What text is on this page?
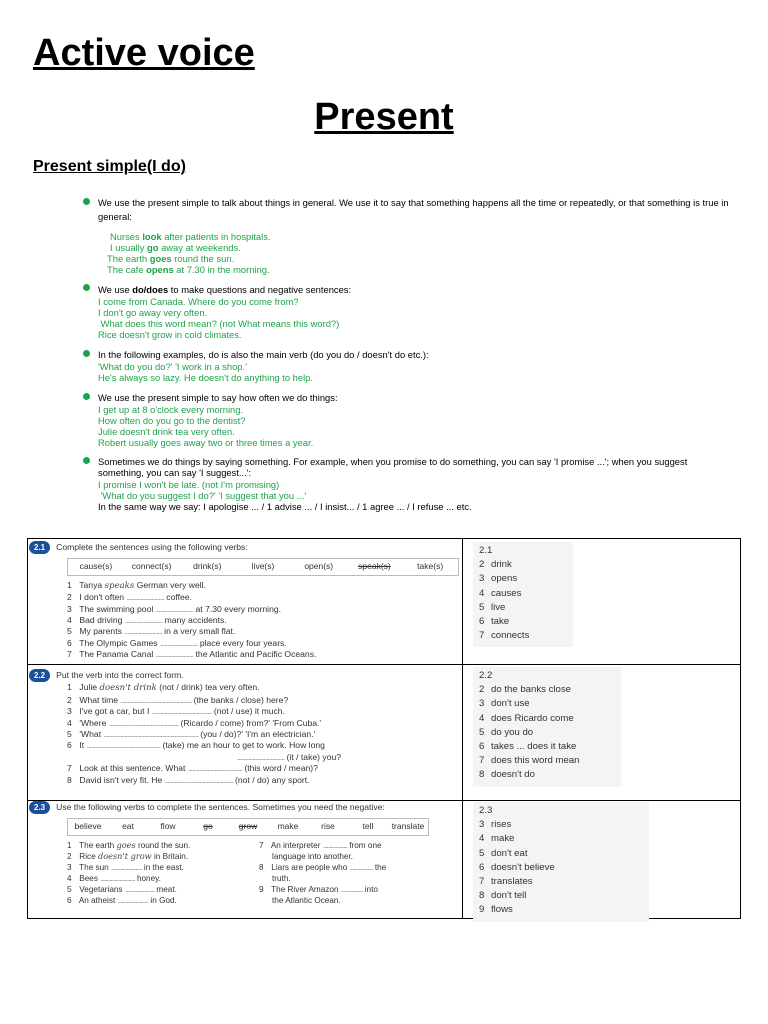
Active voice
Present
Present simple(I do)
We use the present simple to talk about things in general. We use it to say that something happens all the time or repeatedly, or that something is true in general:
Nurses look after patients in hospitals.
I usually go away at weekends.
The earth goes round the sun.
The cafe opens at 7.30 in the morning.
We use do/does to make questions and negative sentences:
I come from Canada. Where do you come from?
I don't go away very often.
What does this word mean? (not What means this word?)
Rice doesn't grow in cold climates.
In the following examples, do is also the main verb (do you do / doesn't do etc.):
'What do you do?' 'I work in a shop.'
He's always so lazy. He doesn't do anything to help.
We use the present simple to say how often we do things:
I get up at 8 o'clock every morning.
How often do you go to the dentist?
Julie doesn't drink tea very often.
Robert usually goes away two or three times a year.
Sometimes we do things by saying something. For example, when you promise to do something, you can say 'I promise ...'; when you suggest
something, you can say 'I suggest...':
I promise I won't be late. (not I'm promising)
'What do you suggest I do?' 'I suggest that you ...'
In the same way we say: I apologise ... / 1 advise ... / I insist... / 1 agree ... / I refuse ... etc.
2.1 Complete the sentences using the following verbs:
cause(s)	connect(s)	drink(s)	live(s)	open(s)	speak(s)	take(s)
1 Tanya speaks German very well.
2 I don't often ........................... coffee.
3 The swimming pool ........................... at 7.30 every morning.
4 Bad driving ........................... many accidents.
5 My parents ........................... in a very small flat.
6 The Olympic Games ........................... place every four years.
7 The Panama Canal ........................... the Atlantic and Pacific Oceans.
2.2 Put the verb into the correct form.
1 Julie doesn't drink (not / drink) tea very often.
2 What time ................................................... (the banks / close) here?
3 I've got a car, but I ........................................... (not / use) it much.
4 'Where .................................................. (Ricardo / come) from?' 'From Cuba.'
5 'What .................................................................... (you / do)?' 'I'm an electrician.'
6 It ..................................................... (take) me an hour to get to work. How long
.................................. (it / take) you?
7 Look at this sentence. What ....................................... (this word / mean)?
8 David isn't very fit. He ................................................. (not / do) any sport.
2.3 Use the following verbs to complete the sentences. Sometimes you need the negative:
believe	eat	flow	go	grow	make	rise	tell	translate
1 The earth goes round the sun.
2 Rice doesn't grow in Britain.
3 The sun ........................ in the east.
4 Bees ........................... honey.
5 Vegetarians ....................... meat.
6 An atheist ........................ in God.
7 An interpreter ................... from one
language into another.
8 Liars are people who .................. the
truth.
9 The River Amazon ................. into
the Atlantic Ocean.
2.1
2 drink
3 opens
4 causes
5 live
6 take
7 connects
2.2
2 do the banks close
3 don't use
4 does Ricardo come
5 do you do
6 takes ... does it take
7 does this word mean
8 doesn't do
2.3
3 rises
4 make
5 don't eat
6 doesn't believe
7 translates
8 don't tell
9 flows
